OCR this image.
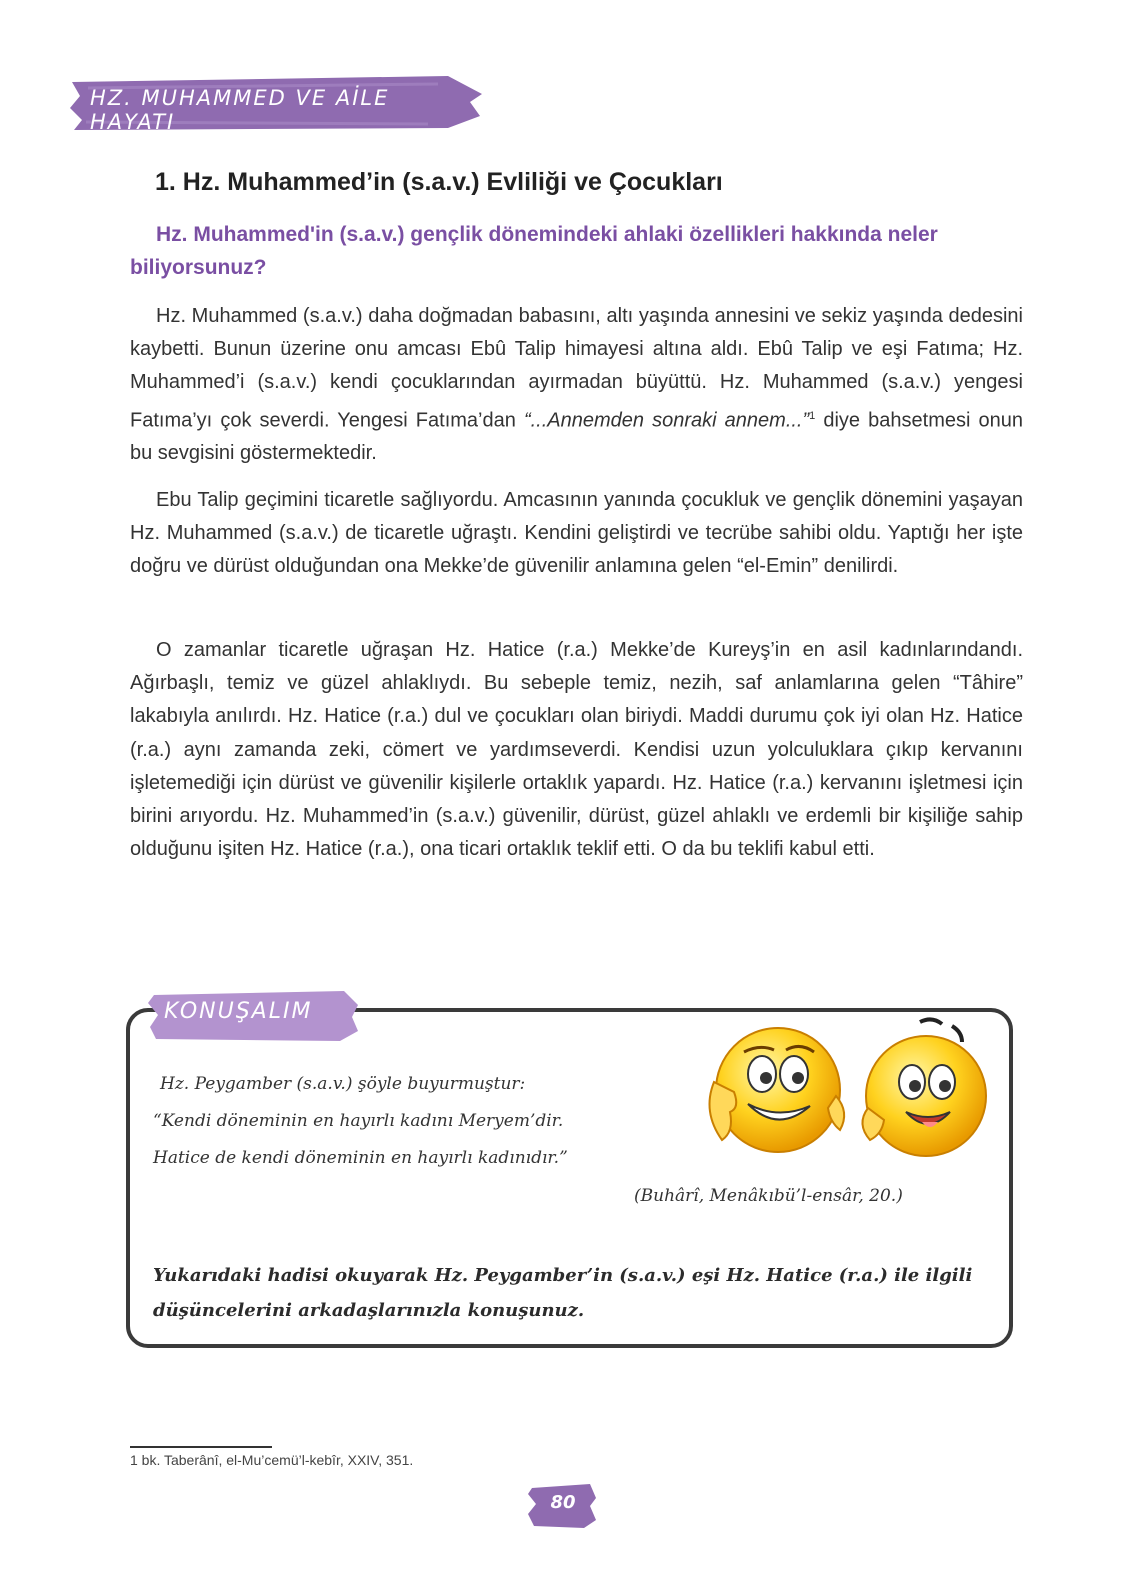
HZ. MUHAMMED VE AİLE HAYATI
1. Hz. Muhammed’in (s.a.v.) Evliliği ve Çocukları

Hz. Muhammed'in (s.a.v.) gençlik dönemindeki ahlaki özellikleri hakkında neler biliyorsunuz?

Hz. Muhammed (s.a.v.) daha doğmadan babasını, altı yaşında annesini ve sekiz yaşında dedesini kaybetti. Bunun üzerine onu amcası Ebû Talip himayesi altına aldı. Ebû Talip ve eşi Fatıma; Hz. Muhammed’i (s.a.v.) kendi çocuklarından ayırmadan büyüttü. Hz. Muhammed (s.a.v.) yengesi Fatıma’yı çok severdi. Yengesi Fatıma’dan “...Annemden sonraki annem...”$^1$ diye bahsetmesi onun bu sevgisini göstermektedir.

Ebu Talip geçimini ticaretle sağlıyordu. Amcasının yanında çocukluk ve gençlik dönemini yaşayan Hz. Muhammed (s.a.v.) de ticaretle uğraştı. Kendini geliştirdi ve tecrübe sahibi oldu. Yaptığı her işte doğru ve dürüst olduğundan ona Mekke’de güvenilir anlamına gelen “el-Emin” denilirdi.

O zamanlar ticaretle uğraşan Hz. Hatice (r.a.) Mekke’de Kureyş’in en asil kadınlarındandı. Ağırbaşlı, temiz ve güzel ahlaklıydı. Bu sebeple temiz, nezih, saf anlamlarına gelen “Tâhire” lakabıyla anılırdı. Hz. Hatice (r.a.) dul ve çocukları olan biriydi. Maddi durumu çok iyi olan Hz. Hatice (r.a.) aynı zamanda zeki, cömert ve yardımseverdi. Kendisi uzun yolculuklara çıkıp kervanını işletemediği için dürüst ve güvenilir kişilerle ortaklık yapardı. Hz. Hatice (r.a.) kervanını işletmesi için birini arıyordu. Hz. Muhammed’in (s.a.v.) güvenilir, dürüst, güzel ahlaklı ve erdemli bir kişiliğe sahip olduğunu işiten Hz. Hatice (r.a.), ona ticari ortaklık teklif etti. O da bu teklifi kabul etti.

KONUŞALIM

Hz. Peygamber (s.a.v.) şöyle buyurmuştur:

“Kendi döneminin en hayırlı kadını Meryem’dir.

Hatice de kendi döneminin en hayırlı kadınıdır.”

(Buhârî, Menâkıbü’l-ensâr, 20.)

Yukarıdaki hadisi okuyarak Hz. Peygamber’in (s.a.v.) eşi Hz. Hatice (r.a.) ile ilgili düşüncelerini arkadaşlarınızla konuşunuz.

1 bk. Taberânî, el-Mu’cemü’l-kebîr, XXIV, 351.

80
